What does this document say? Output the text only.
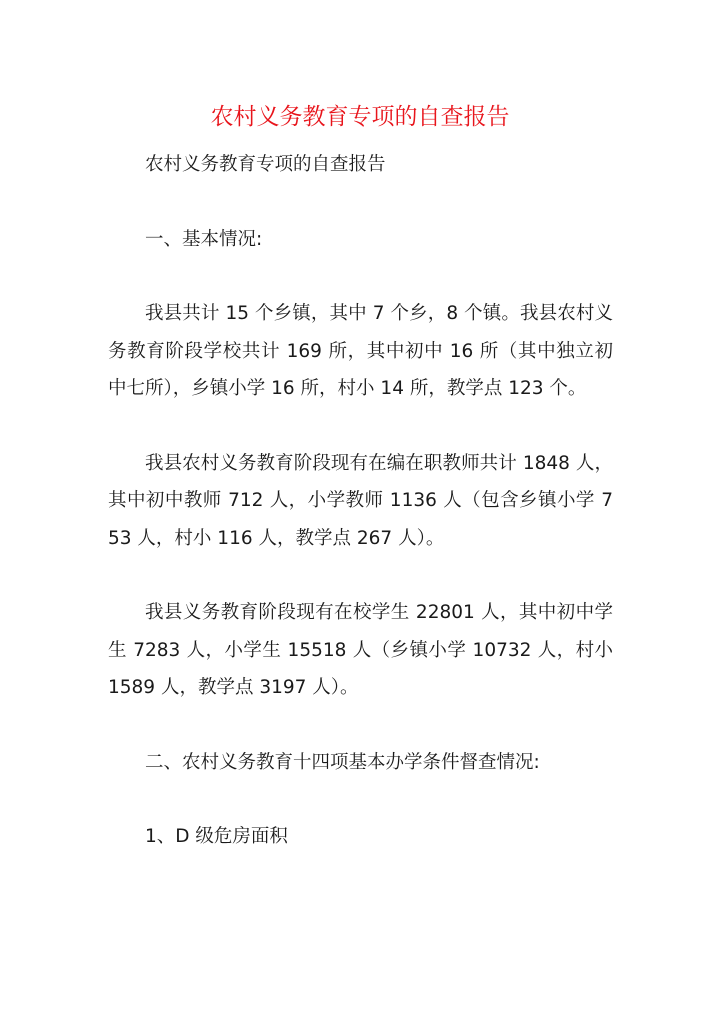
农村义务教育专项的自查报告

农村义务教育专项的自查报告

一、基本情况:

我县共计 15 个乡镇，其中 7 个乡，8 个镇。我县农村义务教育阶段学校共计 169 所，其中初中 16 所（其中独立初中七所），乡镇小学 16 所，村小 14 所，教学点 123 个。

我县农村义务教育阶段现有在编在职教师共计 1848 人，其中初中教师 712 人，小学教师 1136 人（包含乡镇小学 753 人，村小 116 人，教学点 267 人）。

我县义务教育阶段现有在校学生 22801 人，其中初中学生 7283 人，小学生 15518 人（乡镇小学 10732 人，村小 1589 人，教学点 3197 人）。

二、农村义务教育十四项基本办学条件督查情况:

1、D 级危房面积
